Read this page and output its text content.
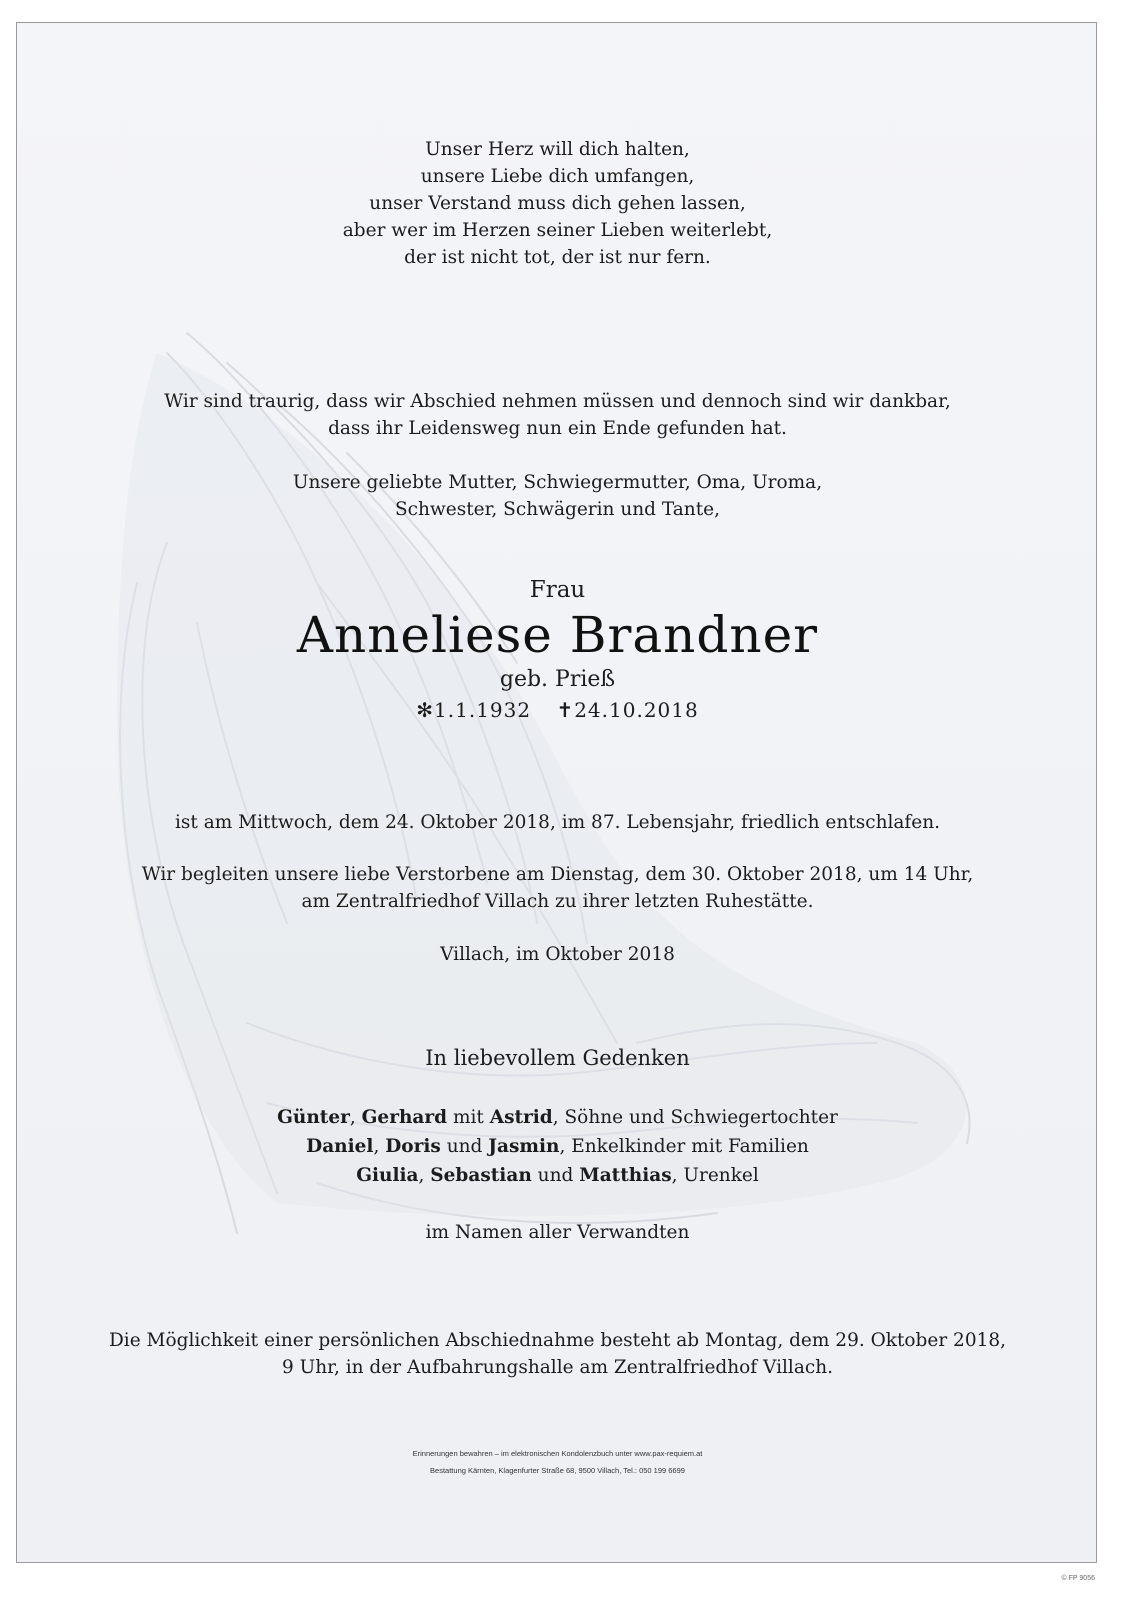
Unser Herz will dich halten,
unsere Liebe dich umfangen,
unser Verstand muss dich gehen lassen,
aber wer im Herzen seiner Lieben weiterlebt,
der ist nicht tot, der ist nur fern.
Wir sind traurig, dass wir Abschied nehmen müssen und dennoch sind wir dankbar,
dass ihr Leidensweg nun ein Ende gefunden hat.
Unsere geliebte Mutter, Schwiegermutter, Oma, Uroma,
Schwester, Schwägerin und Tante,
Frau
Anneliese Brandner
geb. Prieß
✻1.1.1932 ✝24.10.2018
ist am Mittwoch, dem 24. Oktober 2018, im 87. Lebensjahr, friedlich entschlafen.
Wir begleiten unsere liebe Verstorbene am Dienstag, dem 30. Oktober 2018, um 14 Uhr,
am Zentralfriedhof Villach zu ihrer letzten Ruhestätte.
Villach, im Oktober 2018
In liebevollem Gedenken
Günter, Gerhard mit Astrid, Söhne und Schwiegertochter
Daniel, Doris und Jasmin, Enkelkinder mit Familien
Giulia, Sebastian und Matthias, Urenkel
im Namen aller Verwandten
Die Möglichkeit einer persönlichen Abschiednahme besteht ab Montag, dem 29. Oktober 2018,
9 Uhr, in der Aufbahrungshalle am Zentralfriedhof Villach.
Erinnerungen bewahren – im elektronischen Kondolenzbuch unter www.pax-requiem.at
Bestattung Kärnten, Klagenfurter Straße 68, 9500 Villach, Tel.: 050 199 6699
© FP 9056
